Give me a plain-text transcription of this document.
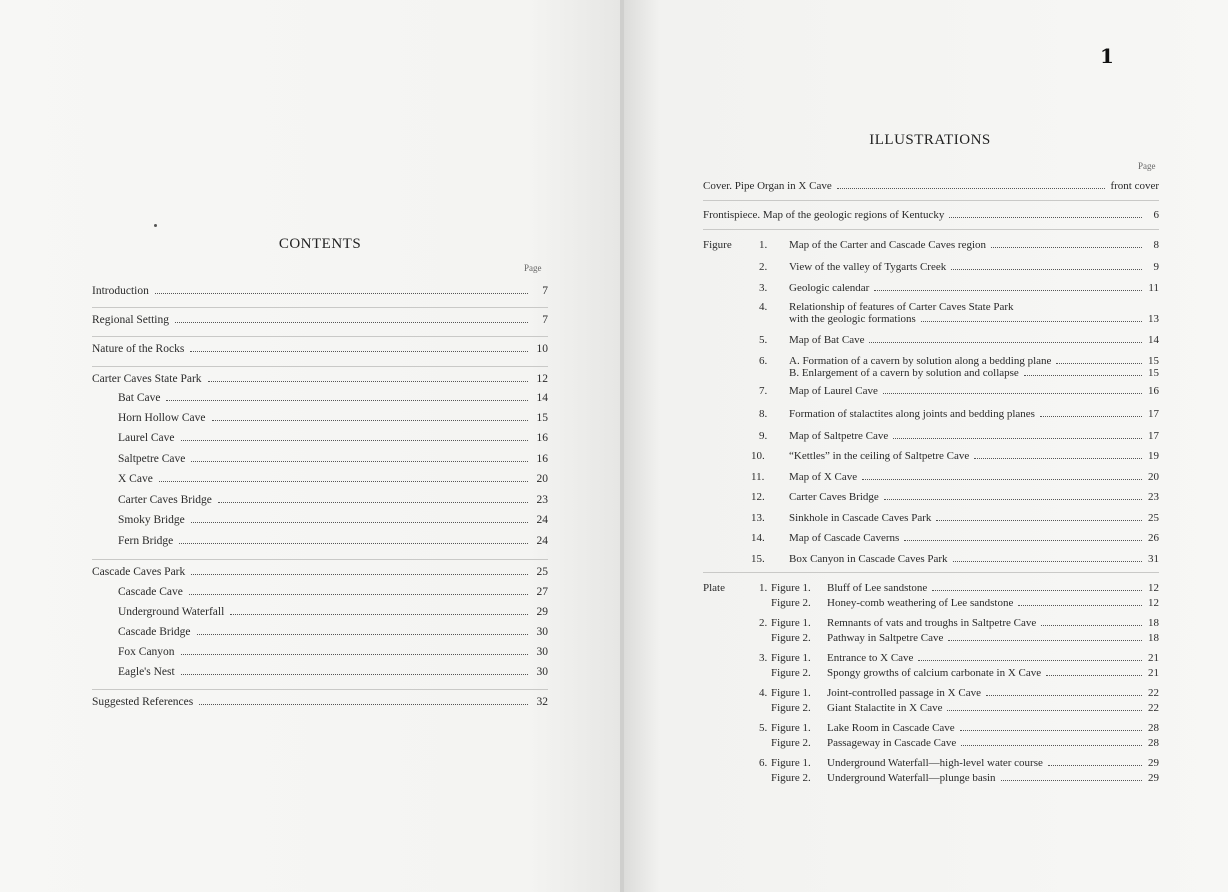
CONTENTS
Page
Introduction	7
Regional Setting	7
Nature of the Rocks	10
Carter Caves State Park	12
Bat Cave	14
Horn Hollow Cave	15
Laurel Cave	16
Saltpetre Cave	16
X Cave	20
Carter Caves Bridge	23
Smoky Bridge	24
Fern Bridge	24
Cascade Caves Park	25
Cascade Cave	27
Underground Waterfall	29
Cascade Bridge	30
Fox Canyon	30
Eagle's Nest	30
Suggested References	32
ILLUSTRATIONS
Page
Cover. Pipe Organ in X Cave	front cover
Frontispiece. Map of the geologic regions of Kentucky	6
Figure 1. Map of the Carter and Cascade Caves region	8
2. View of the valley of Tygarts Creek	9
3. Geologic calendar	11
4. Relationship of features of Carter Caves State Park
with the geologic formations	13
5. Map of Bat Cave	14
6. A. Formation of a cavern by solution along a bedding plane	15
B. Enlargement of a cavern by solution and collapse	15
7. Map of Laurel Cave	16
8. Formation of stalactites along joints and bedding planes	17
9. Map of Saltpetre Cave	17
10. “Kettles” in the ceiling of Saltpetre Cave	19
11. Map of X Cave	20
12. Carter Caves Bridge	23
13. Sinkhole in Cascade Caves Park	25
14. Map of Cascade Caverns	26
15. Box Canyon in Cascade Caves Park	31
Plate	1. Figure 1. Bluff of Lee sandstone	12
Figure 2. Honey-comb weathering of Lee sandstone	12
2. Figure 1. Remnants of vats and troughs in Saltpetre Cave	18
Figure 2. Pathway in Saltpetre Cave	18
3. Figure 1. Entrance to X Cave	21
Figure 2. Spongy growths of calcium carbonate in X Cave	21
4. Figure 1. Joint-controlled passage in X Cave	22
Figure 2. Giant Stalactite in X Cave	22
5. Figure 1. Lake Room in Cascade Cave	28
Figure 2. Passageway in Cascade Cave	28
6. Figure 1. Underground Waterfall—high-level water course	29
Figure 2. Underground Waterfall—plunge basin	29
1
